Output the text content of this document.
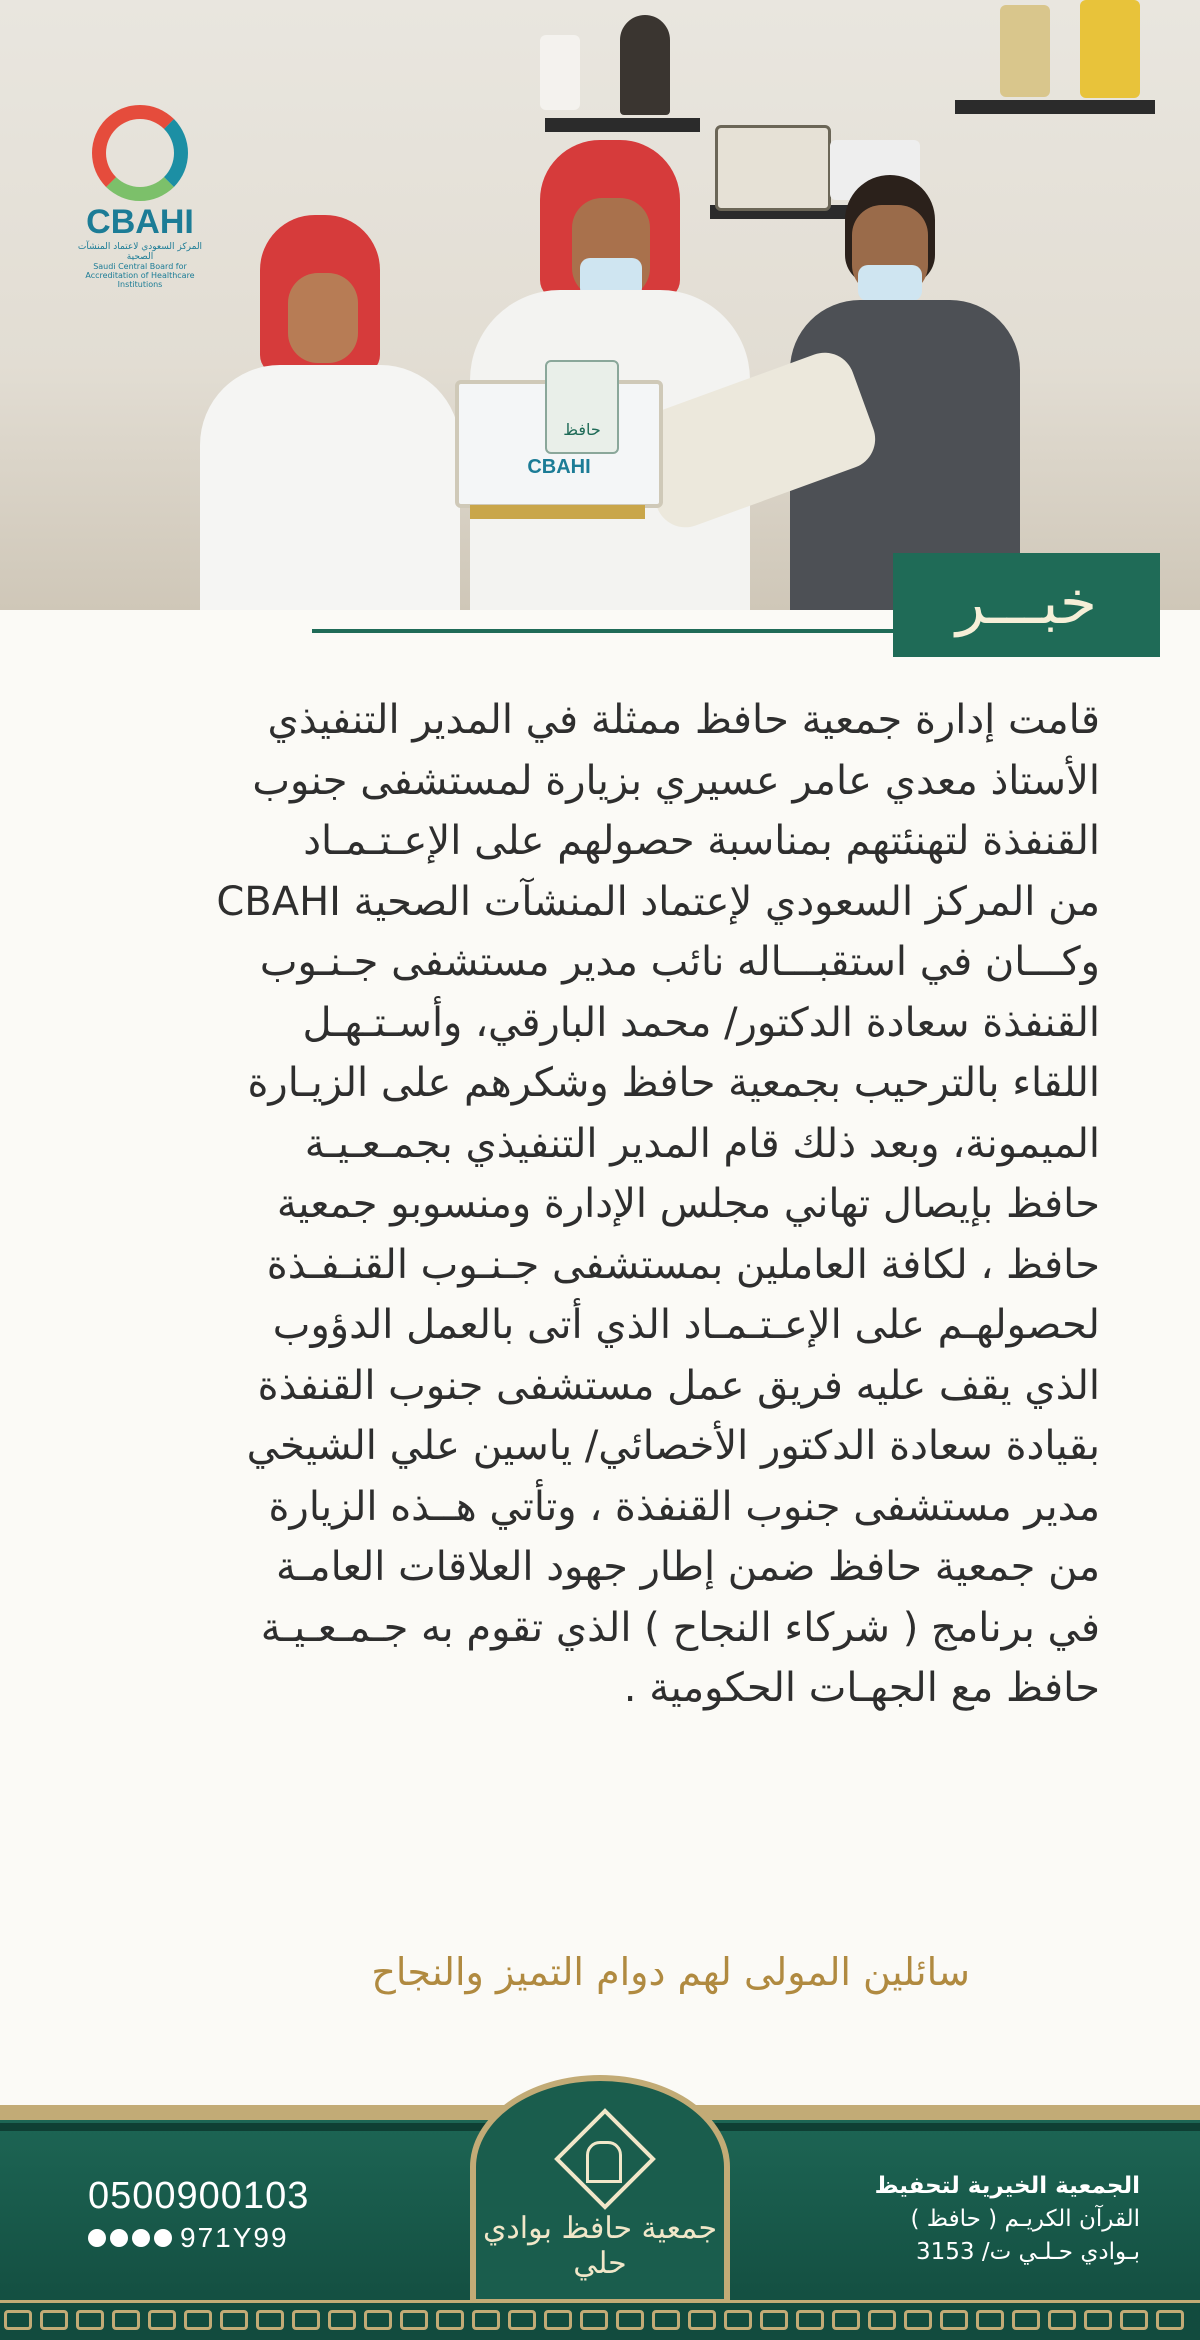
CBAHI
حافظ
CBAHI
المركز السعودي لاعتماد المنشآت الصحية
Saudi Central Board for Accreditation of Healthcare Institutions
خبـــر
قامت إدارة جمعية حافظ ممثلة في المدير التنفيذي
الأستاذ معدي عامر عسيري بزيارة لمستشفى جنوب
القنفذة لتهنئتهم بمناسبة حصولهم على الإعـتـمـاد
من المركز السعودي لإعتماد المنشآت الصحية CBAHI
وكـــان في استقبـــاله نائب مدير مستشفى جـنـوب
القنفذة سعادة الدكتور/ محمد البارقي، وأسـتـهـل
اللقاء بالترحيب بجمعية حافظ وشكرهم على الزيـارة
الميمونة، وبعد ذلك قام المدير التنفيذي بجمـعـيـة
حافظ بإيصال تهاني مجلس الإدارة ومنسوبو جمعية
حافظ ، لكافة العاملين بمستشفى جـنـوب القنـفـذة
لحصولهـم على الإعـتـمـاد الذي أتى بالعمل الدؤوب
الذي يقف عليه فريق عمل مستشفى جنوب القنفذة
بقيادة سعادة الدكتور الأخصائي/ ياسين علي الشيخي
مدير مستشفى جنوب القنفذة ، وتأتي هــذه الزيارة
من جمعية حافظ ضمن إطار جهود العلاقات العامـة
في برنامج ( شركاء النجاح ) الذي تقوم به جـمـعـيـة
حافظ مع الجهـات الحكومية .
سائلين المولى لهم دوام التميز والنجاح
جمعية حافظ بوادي حلي
0500900103
971Y99
الجمعية الخيرية لتحفيظ
القرآن الكريـم ( حافظ )
بـوادي حـلـي ت/ 3153
